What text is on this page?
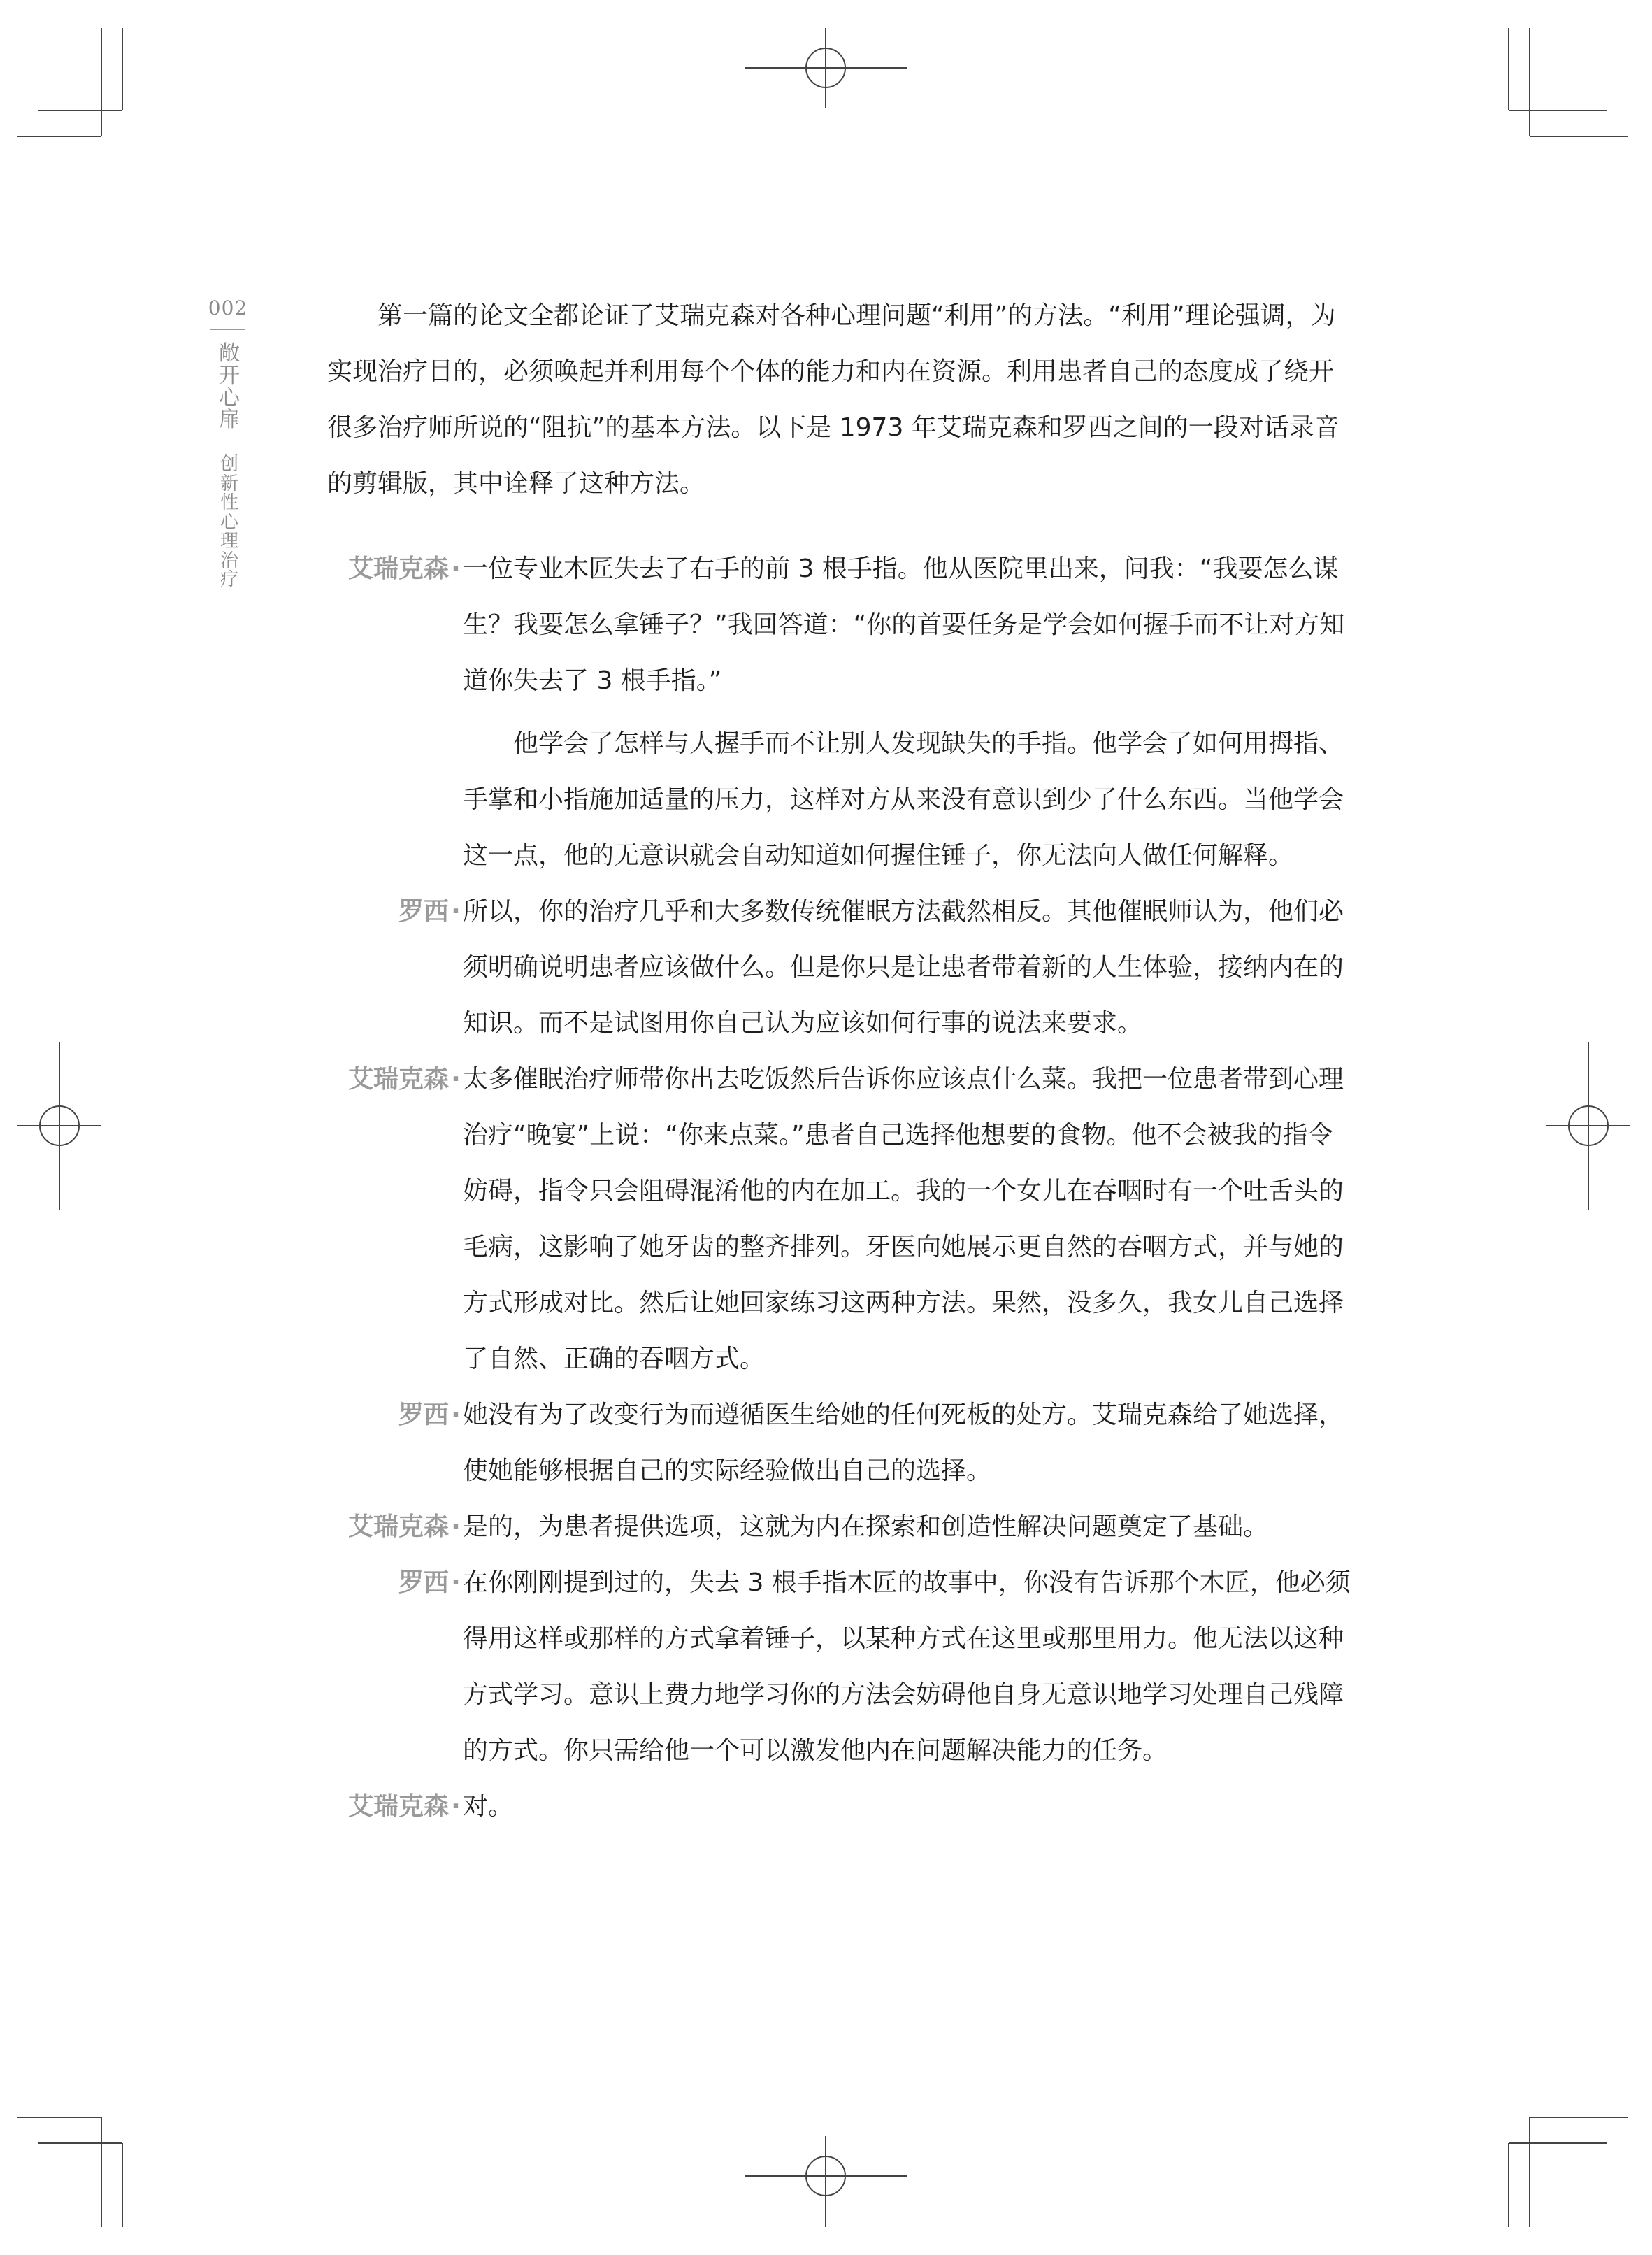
002
敞
开
心
扉
创
新
性
心
理
治
疗

第一篇的论文全都论证了艾瑞克森对各种心理问题“利用”的方法。“利用”理论强调，为实现治疗目的，必须唤起并利用每个个体的能力和内在资源。利用患者自己的态度成了绕开很多治疗师所说的“阻抗”的基本方法。以下是 1973 年艾瑞克森和罗西之间的一段对话录音的剪辑版，其中诠释了这种方法。

艾瑞克森 · 一位专业木匠失去了右手的前 3 根手指。他从医院里出来，问我：“我要怎么谋生？我要怎么拿锤子？”我回答道：“你的首要任务是学会如何握手而不让对方知道你失去了 3 根手指。”

他学会了怎样与人握手而不让别人发现缺失的手指。他学会了如何用拇指、手掌和小指施加适量的压力，这样对方从来没有意识到少了什么东西。当他学会这一点，他的无意识就会自动知道如何握住锤子，你无法向人做任何解释。

罗西 · 所以，你的治疗几乎和大多数传统催眠方法截然相反。其他催眠师认为，他们必须明确说明患者应该做什么。但是你只是让患者带着新的人生体验，接纳内在的知识。而不是试图用你自己认为应该如何行事的说法来要求。

艾瑞克森 · 太多催眠治疗师带你出去吃饭然后告诉你应该点什么菜。我把一位患者带到心理治疗“晚宴”上说：“你来点菜。”患者自己选择他想要的食物。他不会被我的指令妨碍，指令只会阻碍混淆他的内在加工。我的一个女儿在吞咽时有一个吐舌头的毛病，这影响了她牙齿的整齐排列。牙医向她展示更自然的吞咽方式，并与她的方式形成对比。然后让她回家练习这两种方法。果然，没多久，我女儿自己选择了自然、正确的吞咽方式。

罗西 · 她没有为了改变行为而遵循医生给她的任何死板的处方。艾瑞克森给了她选择，使她能够根据自己的实际经验做出自己的选择。

艾瑞克森 · 是的，为患者提供选项，这就为内在探索和创造性解决问题奠定了基础。

罗西 · 在你刚刚提到过的，失去 3 根手指木匠的故事中，你没有告诉那个木匠，他必须得用这样或那样的方式拿着锤子，以某种方式在这里或那里用力。他无法以这种方式学习。意识上费力地学习你的方法会妨碍他自身无意识地学习处理自己残障的方式。你只需给他一个可以激发他内在问题解决能力的任务。

艾瑞克森 · 对。
